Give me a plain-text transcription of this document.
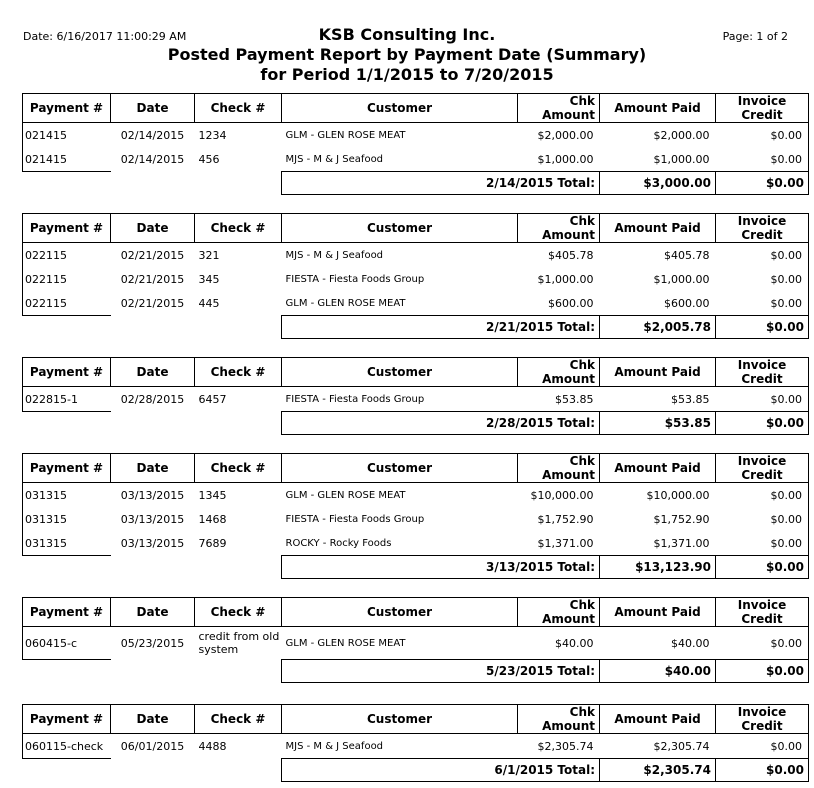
Date: 6/16/2017 11:00:29 AM	Page: 1 of 2
KSB Consulting Inc.
Posted Payment Report by Payment Date (Summary)
for Period 1/1/2015 to 7/20/2015
Payment #	Date	Check #	Customer	Chk Amount	Amount Paid	Invoice Credit
021415	02/14/2015	1234	GLM - GLEN ROSE MEAT	$2,000.00	$2,000.00	$0.00
021415	02/14/2015	456	MJS - M & J Seafood	$1,000.00	$1,000.00	$0.00
			2/14/2015 Total:		$3,000.00	$0.00
Payment #	Date	Check #	Customer	Chk Amount	Amount Paid	Invoice Credit
022115	02/21/2015	321	MJS - M & J Seafood	$405.78	$405.78	$0.00
022115	02/21/2015	345	FIESTA - Fiesta Foods Group	$1,000.00	$1,000.00	$0.00
022115	02/21/2015	445	GLM - GLEN ROSE MEAT	$600.00	$600.00	$0.00
			2/21/2015 Total:		$2,005.78	$0.00
Payment #	Date	Check #	Customer	Chk Amount	Amount Paid	Invoice Credit
022815-1	02/28/2015	6457	FIESTA - Fiesta Foods Group	$53.85	$53.85	$0.00
			2/28/2015 Total:		$53.85	$0.00
Payment #	Date	Check #	Customer	Chk Amount	Amount Paid	Invoice Credit
031315	03/13/2015	1345	GLM - GLEN ROSE MEAT	$10,000.00	$10,000.00	$0.00
031315	03/13/2015	1468	FIESTA - Fiesta Foods Group	$1,752.90	$1,752.90	$0.00
031315	03/13/2015	7689	ROCKY - Rocky Foods	$1,371.00	$1,371.00	$0.00
			3/13/2015 Total:		$13,123.90	$0.00
Payment #	Date	Check #	Customer	Chk Amount	Amount Paid	Invoice Credit
060415-c	05/23/2015	credit from old system	GLM - GLEN ROSE MEAT	$40.00	$40.00	$0.00
			5/23/2015 Total:		$40.00	$0.00
Payment #	Date	Check #	Customer	Chk Amount	Amount Paid	Invoice Credit
060115-check	06/01/2015	4488	MJS - M & J Seafood	$2,305.74	$2,305.74	$0.00
			6/1/2015 Total:		$2,305.74	$0.00
